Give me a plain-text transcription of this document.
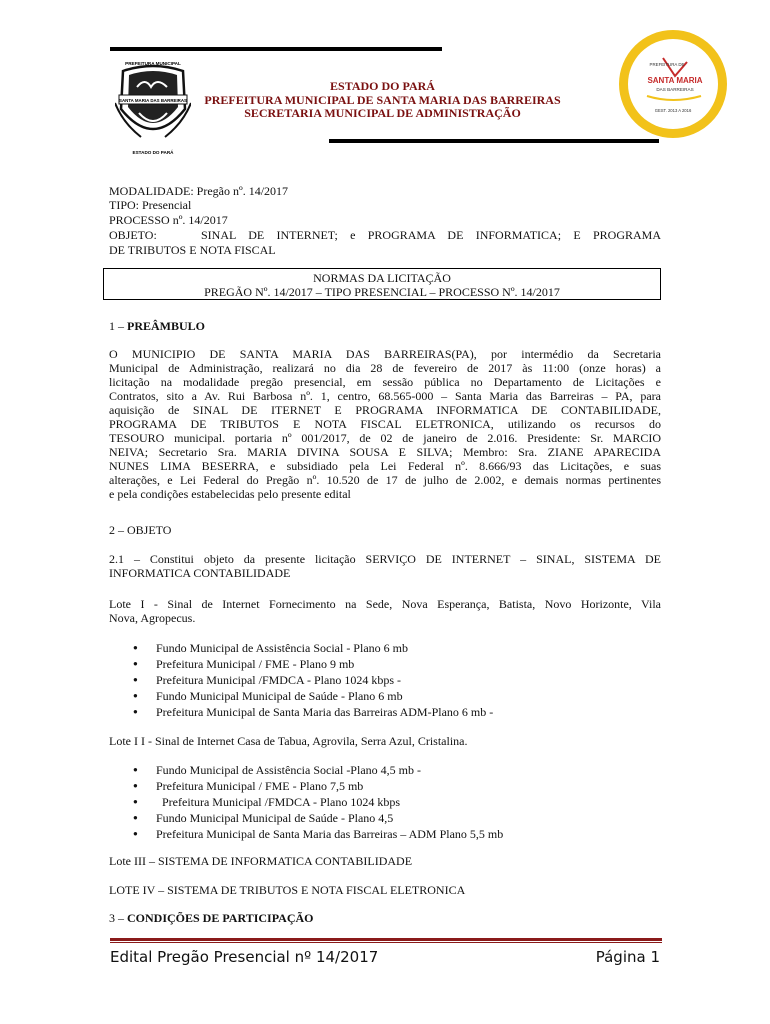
PREFEITURA MUNICIPAL
SANTA MARIA DAS BARREIRAS
ESTADO DO PARÁ
ESTADO DO PARÁ
PREFEITURA MUNICIPAL DE SANTA MARIA DAS BARREIRAS
SECRETARIA MUNICIPAL DE ADMINISTRAÇÃO
PREFEITURA DE
SANTA MARIA
DAS BARREIRAS
GEST. 2013 A 2016
MODALIDADE: Pregão nº. 14/2017
TIPO: Presencial
PROCESSO nº. 14/2017
OBJETO:	SINAL DE INTERNET; e PROGRAMA DE INFORMATICA; E PROGRAMA
DE TRIBUTOS E NOTA FISCAL
NORMAS DA LICITAÇÃO
PREGÃO Nº. 14/2017 – TIPO PRESENCIAL – PROCESSO Nº. 14/2017
1 – PREÂMBULO
O MUNICIPIO DE SANTA MARIA DAS BARREIRAS(PA), por intermédio da Secretaria
Municipal de Administração, realizará no dia 28 de fevereiro de 2017 às 11:00 (onze horas) a
licitação na modalidade pregão presencial, em sessão pública no Departamento de Licitações e
Contratos, sito a Av. Rui Barbosa nº. 1, centro, 68.565-000 – Santa Maria das Barreiras – PA, para
aquisição de SINAL DE ITERNET E PROGRAMA INFORMATICA DE CONTABILIDADE,
PROGRAMA DE TRIBUTOS E NOTA FISCAL ELETRONICA, utilizando os recursos do
TESOURO municipal. portaria nº 001/2017, de 02 de janeiro de 2.016. Presidente: Sr. MARCIO
NEIVA; Secretario Sra. MARIA DIVINA SOUSA E SILVA; Membro: Sra. ZIANE APARECIDA
NUNES LIMA BESERRA, e subsidiado pela Lei Federal nº. 8.666/93 das Licitações, e suas
alterações, e Lei Federal do Pregão nº. 10.520 de 17 de julho de 2.002, e demais normas pertinentes
e pela condições estabelecidas pelo presente edital
2 – OBJETO
2.1 – Constitui objeto da presente licitação SERVIÇO DE INTERNET – SINAL, SISTEMA DE
INFORMATICA CONTABILIDADE
Lote I - Sinal de Internet Fornecimento na Sede, Nova Esperança, Batista, Novo Horizonte, Vila
Nova, Agropecus.
● Fundo Municipal de Assistência Social - Plano 6 mb
● Prefeitura Municipal / FME - Plano 9 mb
● Prefeitura Municipal /FMDCA - Plano 1024 kbps -
● Fundo Municipal Municipal de Saúde - Plano 6 mb
● Prefeitura Municipal de Santa Maria das Barreiras ADM-Plano 6 mb -
Lote I I - Sinal de Internet Casa de Tabua, Agrovila, Serra Azul, Cristalina.
● Fundo Municipal de Assistência Social -Plano 4,5 mb -
● Prefeitura Municipal / FME - Plano 7,5 mb
●   Prefeitura Municipal /FMDCA - Plano 1024 kbps
● Fundo Municipal Municipal de Saúde - Plano 4,5
● Prefeitura Municipal de Santa Maria das Barreiras – ADM Plano 5,5 mb
Lote III – SISTEMA DE INFORMATICA CONTABILIDADE
LOTE IV – SISTEMA DE TRIBUTOS E NOTA FISCAL ELETRONICA
3 – CONDIÇÕES DE PARTICIPAÇÃO
Edital Pregão Presencial nº 14/2017	Página 1
